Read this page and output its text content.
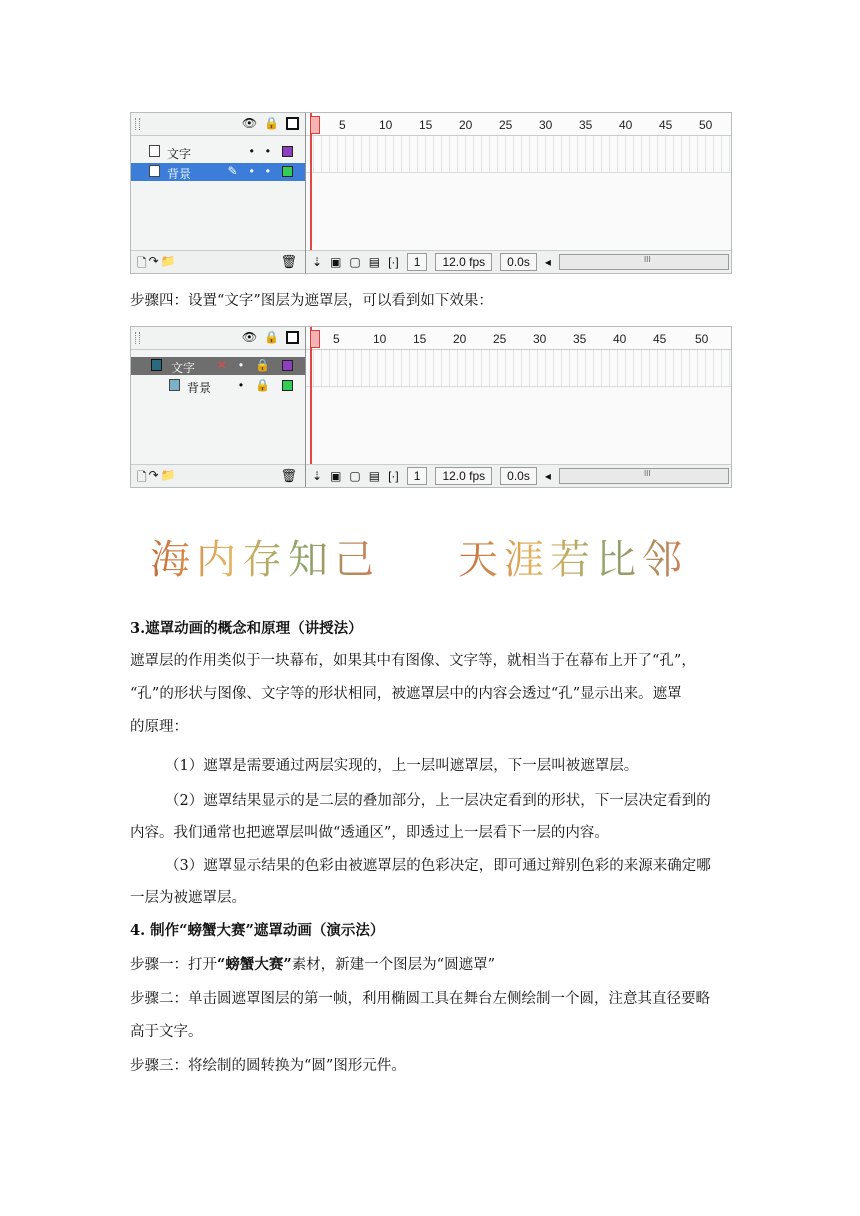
👁 🔒
文字	• •
背景	✎ • •
🗋 ↷ 📁	🗑
5	10 15 20 25 30 35 40 45 50
⇣ ▣ ▢ ▤ [·]	1	12.0 fps	0.0s	◂
III
步骤四：设置“文字”图层为遮罩层，可以看到如下效果：
👁 🔒
文字 ✕ • 🔒
背景 • 🔒
🗋 ↷ 📁	🗑
5	10 15 20 25 30 35 40 45 50
⇣ ▣ ▢ ▤ [·]	1	12.0 fps	0.0s	◂
III
海内存知己 天涯若比邻
3.遮罩动画的概念和原理（讲授法）
遮罩层的作用类似于一块幕布，如果其中有图像、文字等，就相当于在幕布上开了“孔”，
“孔”的形状与图像、文字等的形状相同，被遮罩层中的内容会透过“孔”显示出来。遮罩
的原理：
（1）遮罩是需要通过两层实现的，上一层叫遮罩层，下一层叫被遮罩层。
（2）遮罩结果显示的是二层的叠加部分，上一层决定看到的形状，下一层决定看到的
内容。我们通常也把遮罩层叫做“透通区”，即透过上一层看下一层的内容。
（3）遮罩显示结果的色彩由被遮罩层的色彩决定，即可通过辩别色彩的来源来确定哪
一层为被遮罩层。
4. 制作“螃蟹大赛”遮罩动画（演示法）
步骤一：打开“螃蟹大赛”素材，新建一个图层为“圆遮罩”
步骤二：单击圆遮罩图层的第一帧，利用椭圆工具在舞台左侧绘制一个圆，注意其直径要略
高于文字。
步骤三：将绘制的圆转换为“圆”图形元件。
